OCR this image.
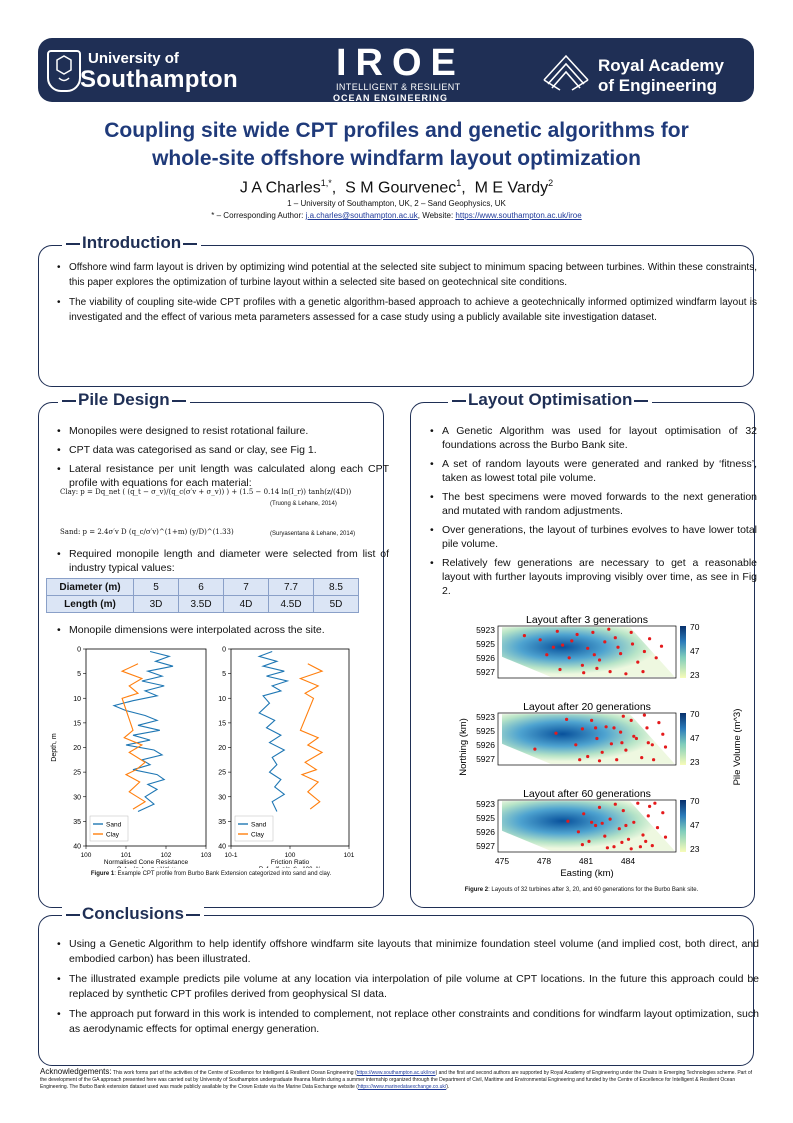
University of
Southampton	IROE
INTELLIGENT & RESILIENT
OCEAN ENGINEERING
Royal Academy
of Engineering
Coupling site wide CPT profiles and genetic algorithms for
whole-site offshore windfarm layout optimization
J A Charles$^{1,*}$,  S M Gourvenec$^1$,  M E Vardy$^2$
1 – University of Southampton, UK, 2 – Sand Geophysics, UK
* – Corresponding Author: j.a.charles@southampton.ac.uk, Website: https://www.southampton.ac.uk/iroe
Introduction
• Offshore wind farm layout is driven by optimizing wind potential at the selected site subject to minimum spacing between turbines. Within these constraints, this paper explores the optimization of turbine layout within a selected site based on geotechnical site conditions.
• The viability of coupling site-wide CPT profiles with a genetic algorithm-based approach to achieve a geotechnically informed optimized windfarm layout is investigated and the effect of various meta parameters assessed for a case study using a publicly available site investigation dataset.
Pile Design
• Monopiles were designed to resist rotational failure.
• CPT data was categorised as sand or clay, see Fig 1.
• Lateral resistance per unit length was calculated along each CPT profile with equations for each material:
Clay: p = Dq_net ( (q_t − σ_v)/(q_c(σ′v + σ_v)) ) + (1.5 − 0.14 ln(I_r)) tanh(z/(4D))
(Truong & Lehane, 2014)
Sand: p = 2.4σ′v D (q_c/σ′v)^(1+m) (y/D)^(1.33)	(Suryasentana & Lehane, 2014)
• Required monopile length and diameter were selected from list of industry typical values:
Diameter (m)	5	6	7	7.7	8.5
Length (m)	3D	3.5D	4D	4.5D	5D
• Monopile dimensions were interpolated across the site.
0
5
10
15
20
25
30
35
40
100	101	102	103
Normalised Cone Resistance
Sand
Clay
Depth, m
0
5
10
15
20
25
30
35
40
10-1	100	101
Friction Ratio
Sand
Clay
Figure 1: Example CPT profile from Burbo Bank Extension categorized into sand and clay.
Layout Optimisation
• A Genetic Algorithm was used for layout optimisation of 32 foundations across the Burbo Bank site.
• A set of random layouts were generated and ranked by ‘fitness’, taken as lowest total pile volume.
• The best specimens were moved forwards to the next generation and mutated with random adjustments.
• Over generations, the layout of turbines evolves to have lower total pile volume.
• Relatively few generations are necessary to get a reasonable layout with further layouts improving visibly over time, as see in Fig 2.
Layout after 3 generations
5923
5925
5926
5927
70
47
23
Layout after 20 generations
5923
5925
5926
5927
70
47
23
Layout after 60 generations
5923
5925
5926
5927
70
47
23
475	478	481	484
Easting (km)
Northing (km)	Pile Volume (m^3)
Figure 2: Layouts of 32 turbines after 3, 20, and 60 generations for the Burbo Bank site.
Conclusions
• Using a Genetic Algorithm to help identify offshore windfarm site layouts that minimize foundation steel volume (and implied cost, both direct, and embodied carbon) has been illustrated.
• The illustrated example predicts pile volume at any location via interpolation of pile volume at CPT locations. In the future this approach could be replaced by synthetic CPT profiles derived from geophysical SI data.
• The approach put forward in this work is intended to complement, not replace other constraints and conditions for windfarm layout optimization, such as aerodynamic effects for optimal energy generation.
Acknowledgements: This work forms part of the activities of the Centre of Excellence for Intelligent & Resilient Ocean Engineering (https://www.southampton.ac.uk/iroe) and the first and second authors are supported by Royal Academy of Engineering under the Chairs in Emerging Technologies scheme. Part of the development of the GA approach presented here was carried out by University of Southampton undergraduate Ifeanna Martin during a summer internship organized through the Department of Civil, Maritime and Environmental Engineering and funded by the Centre of Excellence for Intelligent & Resilient Ocean Engineering. The Burbo Bank extension dataset used was made publicly available by the Crown Estate via the Marine Data Exchange website (https://www.marinedataexchange.co.uk/).
